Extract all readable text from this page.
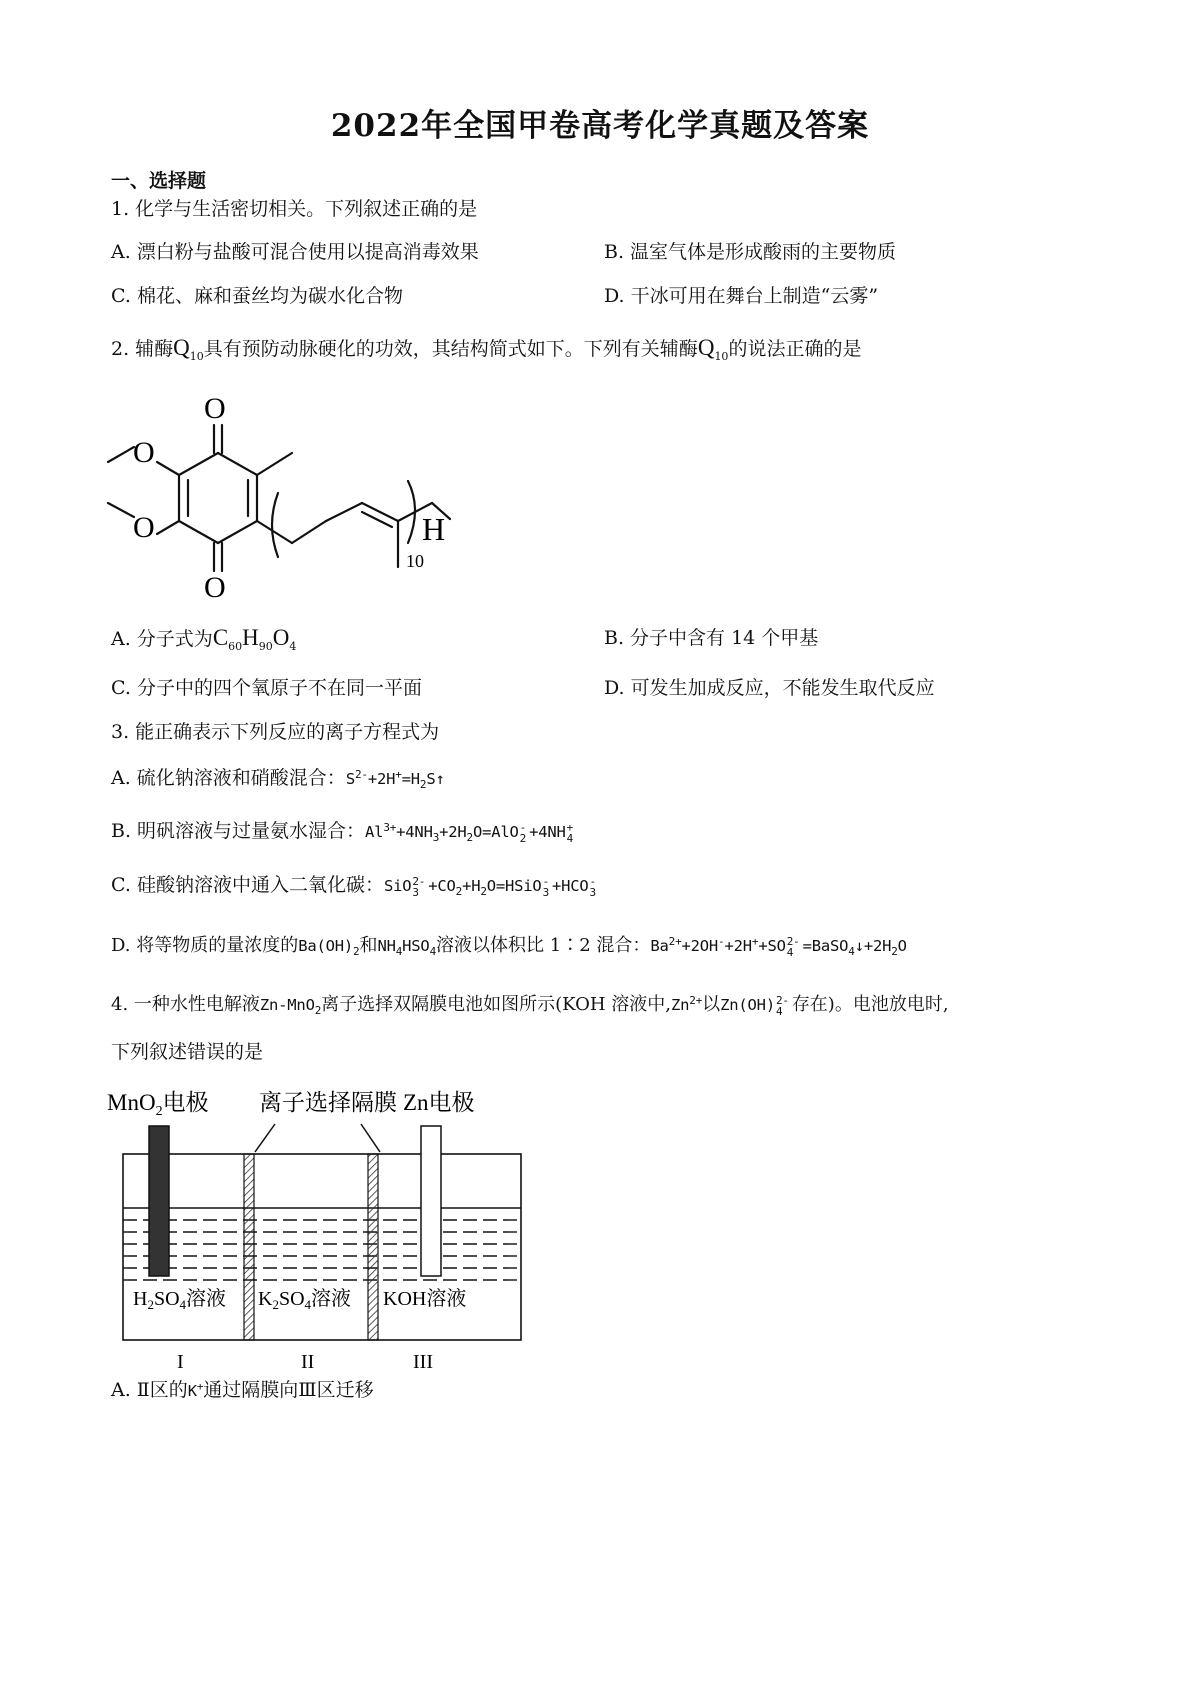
2022年全国甲卷高考化学真题及答案
一、选择题
1. 化学与生活密切相关。下列叙述正确的是
A. 漂白粉与盐酸可混合使用以提高消毒效果	B. 温室气体是形成酸雨的主要物质
C. 棉花、麻和蚕丝均为碳水化合物	D. 干冰可用在舞台上制造“云雾”
2. 辅酶$Q_{10}$具有预防动脉硬化的功效，其结构简式如下。下列有关辅酶$Q_{10}$的说法正确的是
O
O
O
O	H
10
A. 分子式为$C_{60}H_{90}O_4$	B. 分子中含有 14 个甲基
C. 分子中的四个氧原子不在同一平面	D. 可发生加成反应，不能发生取代反应
3. 能正确表示下列反应的离子方程式为
A. 硫化钠溶液和硝酸混合：$S^{2-}+2H^+=H_2S↑$
B. 明矾溶液与过量氨水湿合：$Al^{3+}+4NH_3+2H_2O=AlO$ -
2 +4NH +
4
C. 硅酸钠溶液中通入二氧化碳：SiO 2-
$3 +CO_2+H_2O=HSiO$ -
3 +HCO -
3
D. 将等物质的量浓度的$Ba(OH)_2$和$NH_4HSO_4$溶液以体积比 1∶2 混合：$Ba^{2+}+2OH^-+2H^++SO$ 2-
$4 =BaSO_4↓+2H_2O$
4. 一种水性电解液Zn-MnO$_2$离子选择双隔膜电池如图所示(KOH 溶液中$,Zn^{2+}$以Zn(OH) 2-
4 存在)。电池放电时,
下列叙述错误的是
MnO$_2$电极 离子选择隔膜 Zn电极
$H_2SO_4$溶液 $K_2SO_4$溶液 KOH溶液
I	II	III
A. Ⅱ区的K+通过隔膜向Ⅲ区迁移
